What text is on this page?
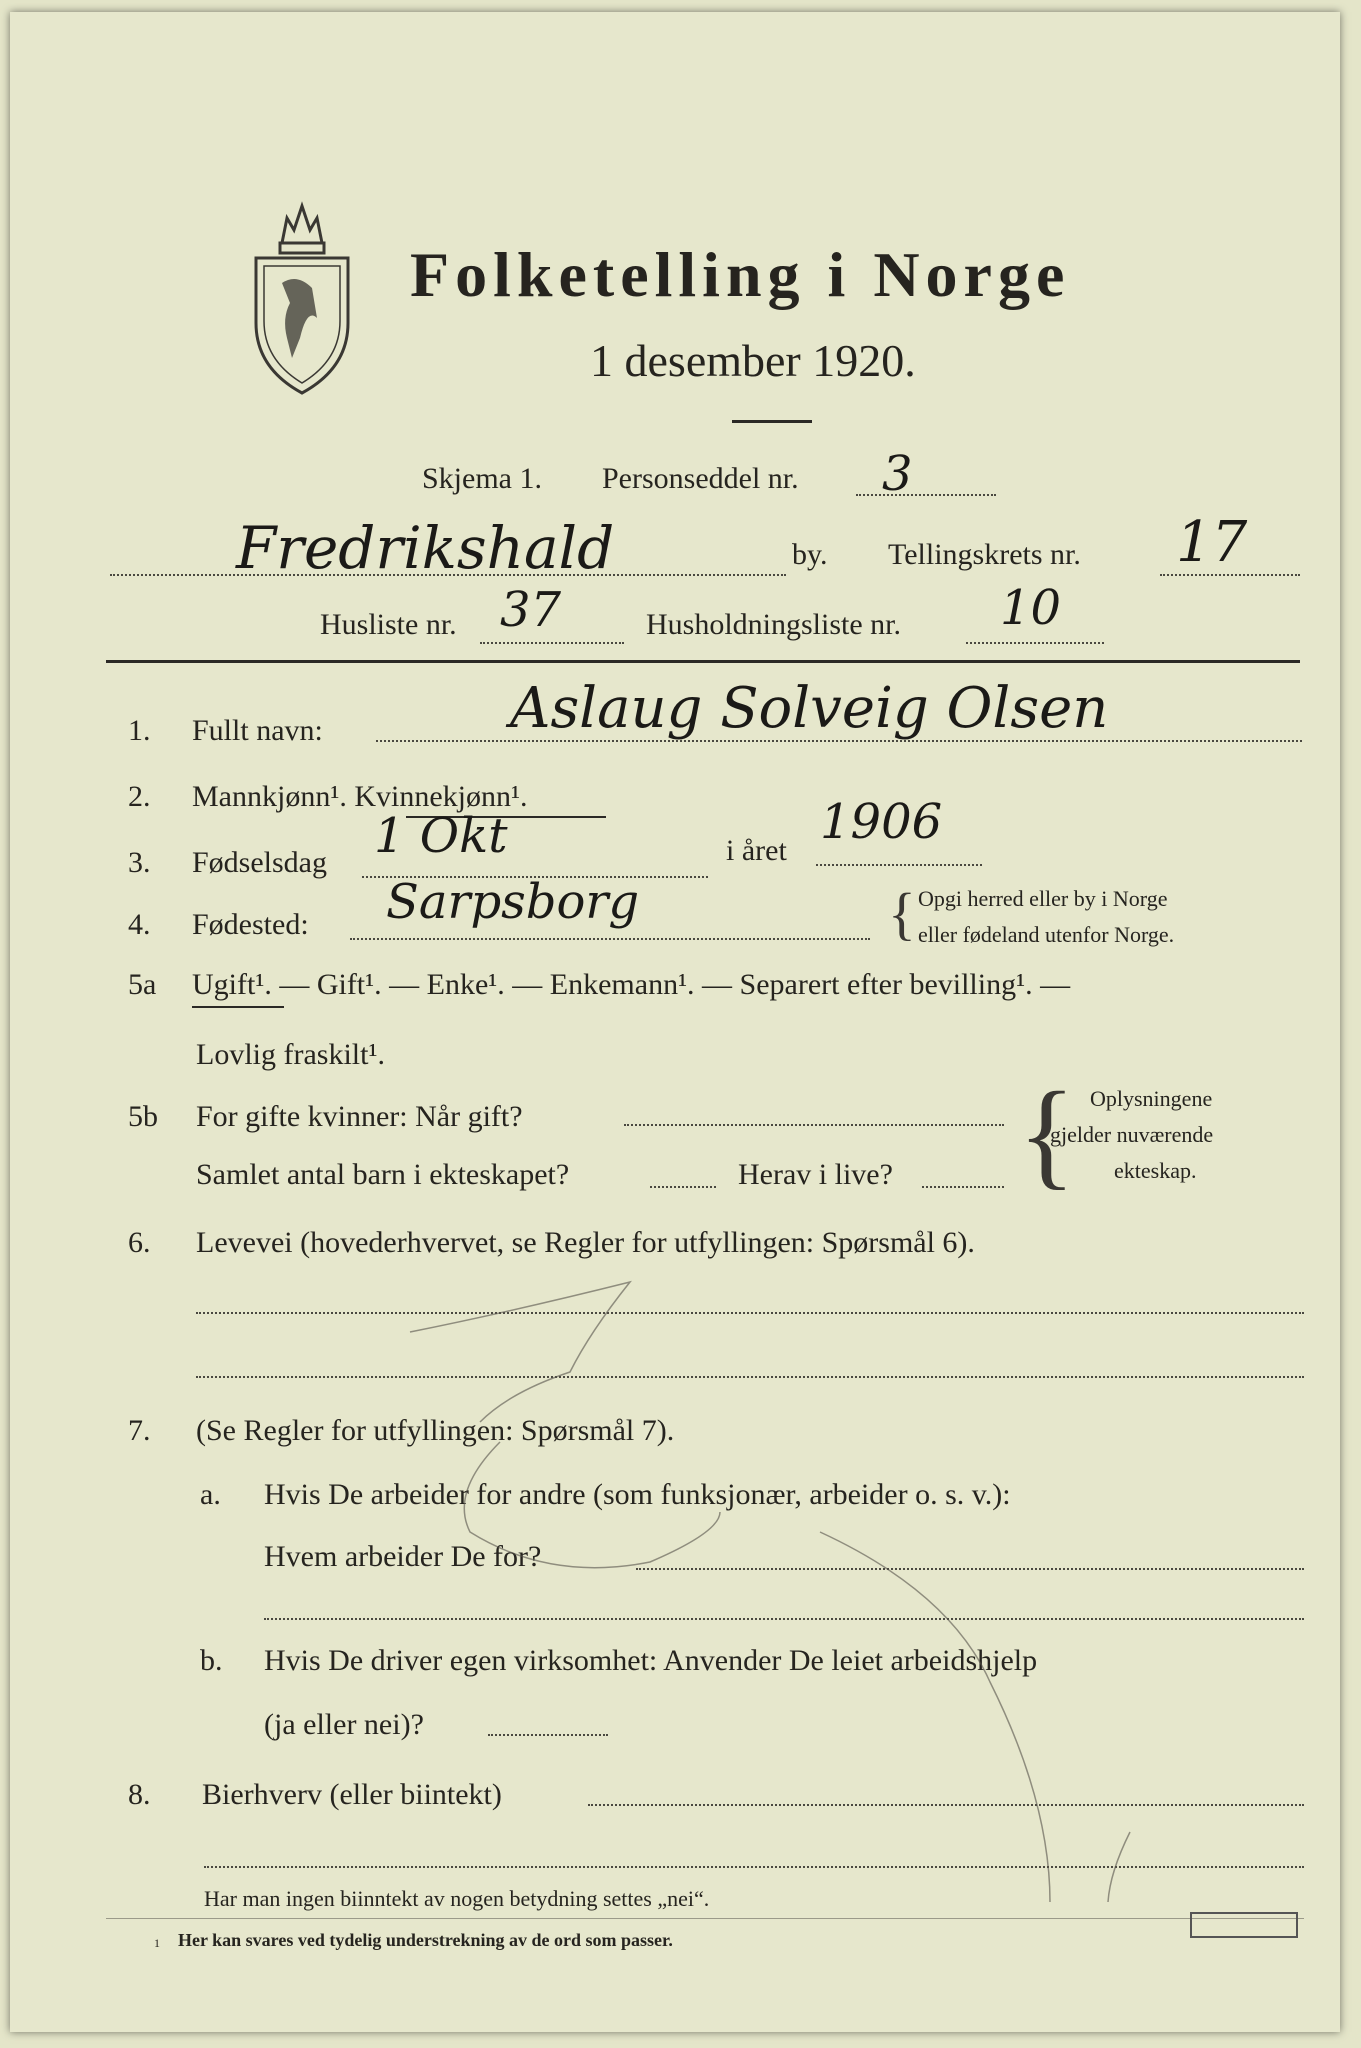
Folketelling i Norge
1 desember 1920.
Skjema 1. Personseddel nr. 3
Fredrikshald	by. Tellingskrets nr. 17
Husliste nr. 37	Husholdningsliste nr. 10
1. Fullt navn:	Aslaug Solveig Olsen
2. Mannkjønn¹. Kvinnekjønn¹.
3. Fødselsdag 1 Okt	i året
1906
4. Fødested: Sarpsborg	{ Opgi herred eller by i Norge
eller fødeland utenfor Norge.
5a Ugift¹. — Gift¹. — Enke¹. — Enkemann¹. — Separert efter bevilling¹. —
Lovlig fraskilt¹.
5b For gifte kvinner: Når gift?
Samlet antal barn i ekteskapet?	Herav i live? { Oplysningene
gjelder nuværende
ekteskap.
6. Levevei (hovederhvervet, se Regler for utfyllingen: Spørsmål 6).
7. (Se Regler for utfyllingen: Spørsmål 7).
a. Hvis De arbeider for andre (som funksjonær, arbeider o. s. v.):
Hvem arbeider De for?
b. Hvis De driver egen virksomhet: Anvender De leiet arbeidshjelp
(ja eller nei)?
8. Bierhverv (eller biintekt)
Har man ingen biinntekt av nogen betydning settes „nei“.
1 Her kan svares ved tydelig understrekning av de ord som passer.
